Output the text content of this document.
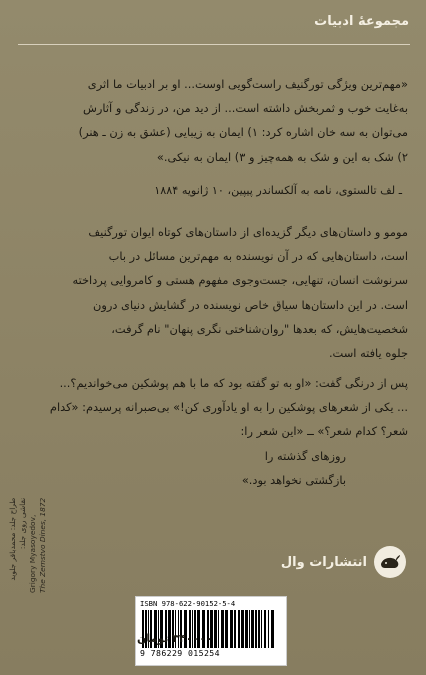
مجموعهٔ ادبیات

«مهم‌ترین ویژگی تورگنیف راست‌گویی اوست... او بر ادبیات ما اثری

به‌غایت خوب و ثمربخش داشته است... از دید من، در زندگی و آثارش

می‌توان به سه خان اشاره کرد: ۱) ایمان به زیبایی (عشق به زن ـ هنر)

۲) شک به این و شک به همه‌چیز و ۳) ایمان به نیکی.»

ـ لف تالستوی، نامه به آلکساندر پیپین، ۱۰ ژانویه ۱۸۸۴

مومو و داستان‌های دیگر گزیده‌ای از داستان‌های کوتاه ایوان تورگنیف

است، داستان‌هایی که در آن نویسنده به مهم‌ترین مسائل در باب

سرنوشت انسان، تنهایی، جست‌وجوی مفهوم هستی و کامروایی پرداخته

است. در این داستان‌ها سیاق خاص نویسنده در گشایش دنیای درون

شخصیت‌هایش، که بعدها "روان‌شناختی نگری پنهان" نام گرفت،

جلوه یافته است.

پس از درنگی گفت: «او به تو گفته بود که ما با هم پوشکین می‌خواندیم؟...

... یکی از شعرهای پوشکین را به او یادآوری کن!» بی‌صبرانه پرسیدم: «کدام

شعر؟ کدام شعر؟» ــ «این شعر را:

روزهای گذشته را

بازگشتی نخواهد بود.»

انتشارات وال
ISBN 978-622-90152-5-4
9 786229 015254
۳۴۰۰۰۰ تومان

طراح جلد: محمدباقر جلوید نقاشی روی جلد: Grigory Myasoyedov, The Zemstvo Dines, 1872
